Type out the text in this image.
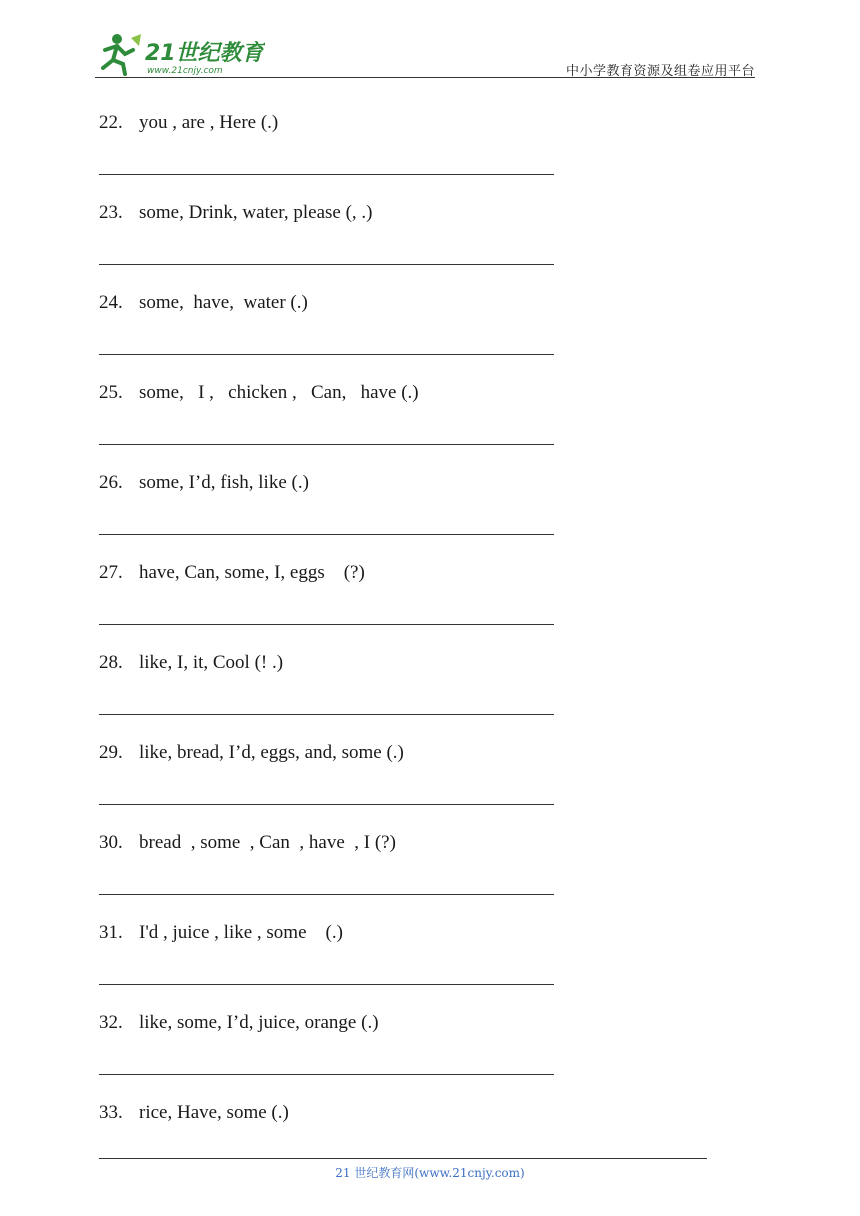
21世纪教育
www.21cnjy.com	中小学教育资源及组卷应用平台
22. you , are , Here (.)
23. some, Drink, water, please (, .)
24. some,  have,  water (.)
25. some,   I ,   chicken ,   Can,   have (.)
26. some, I’d, fish, like (.)
27. have, Can, some, I, eggs    (?)
28. like, I, it, Cool (! .)
29. like, bread, I’d, eggs, and, some (.)
30. bread  , some  , Can  , have  , I (?)
31. I'd , juice , like , some    (.)
32. like, some, I’d, juice, orange (.)
33. rice, Have, some (.)
21 世纪教育网(www.21cnjy.com)
